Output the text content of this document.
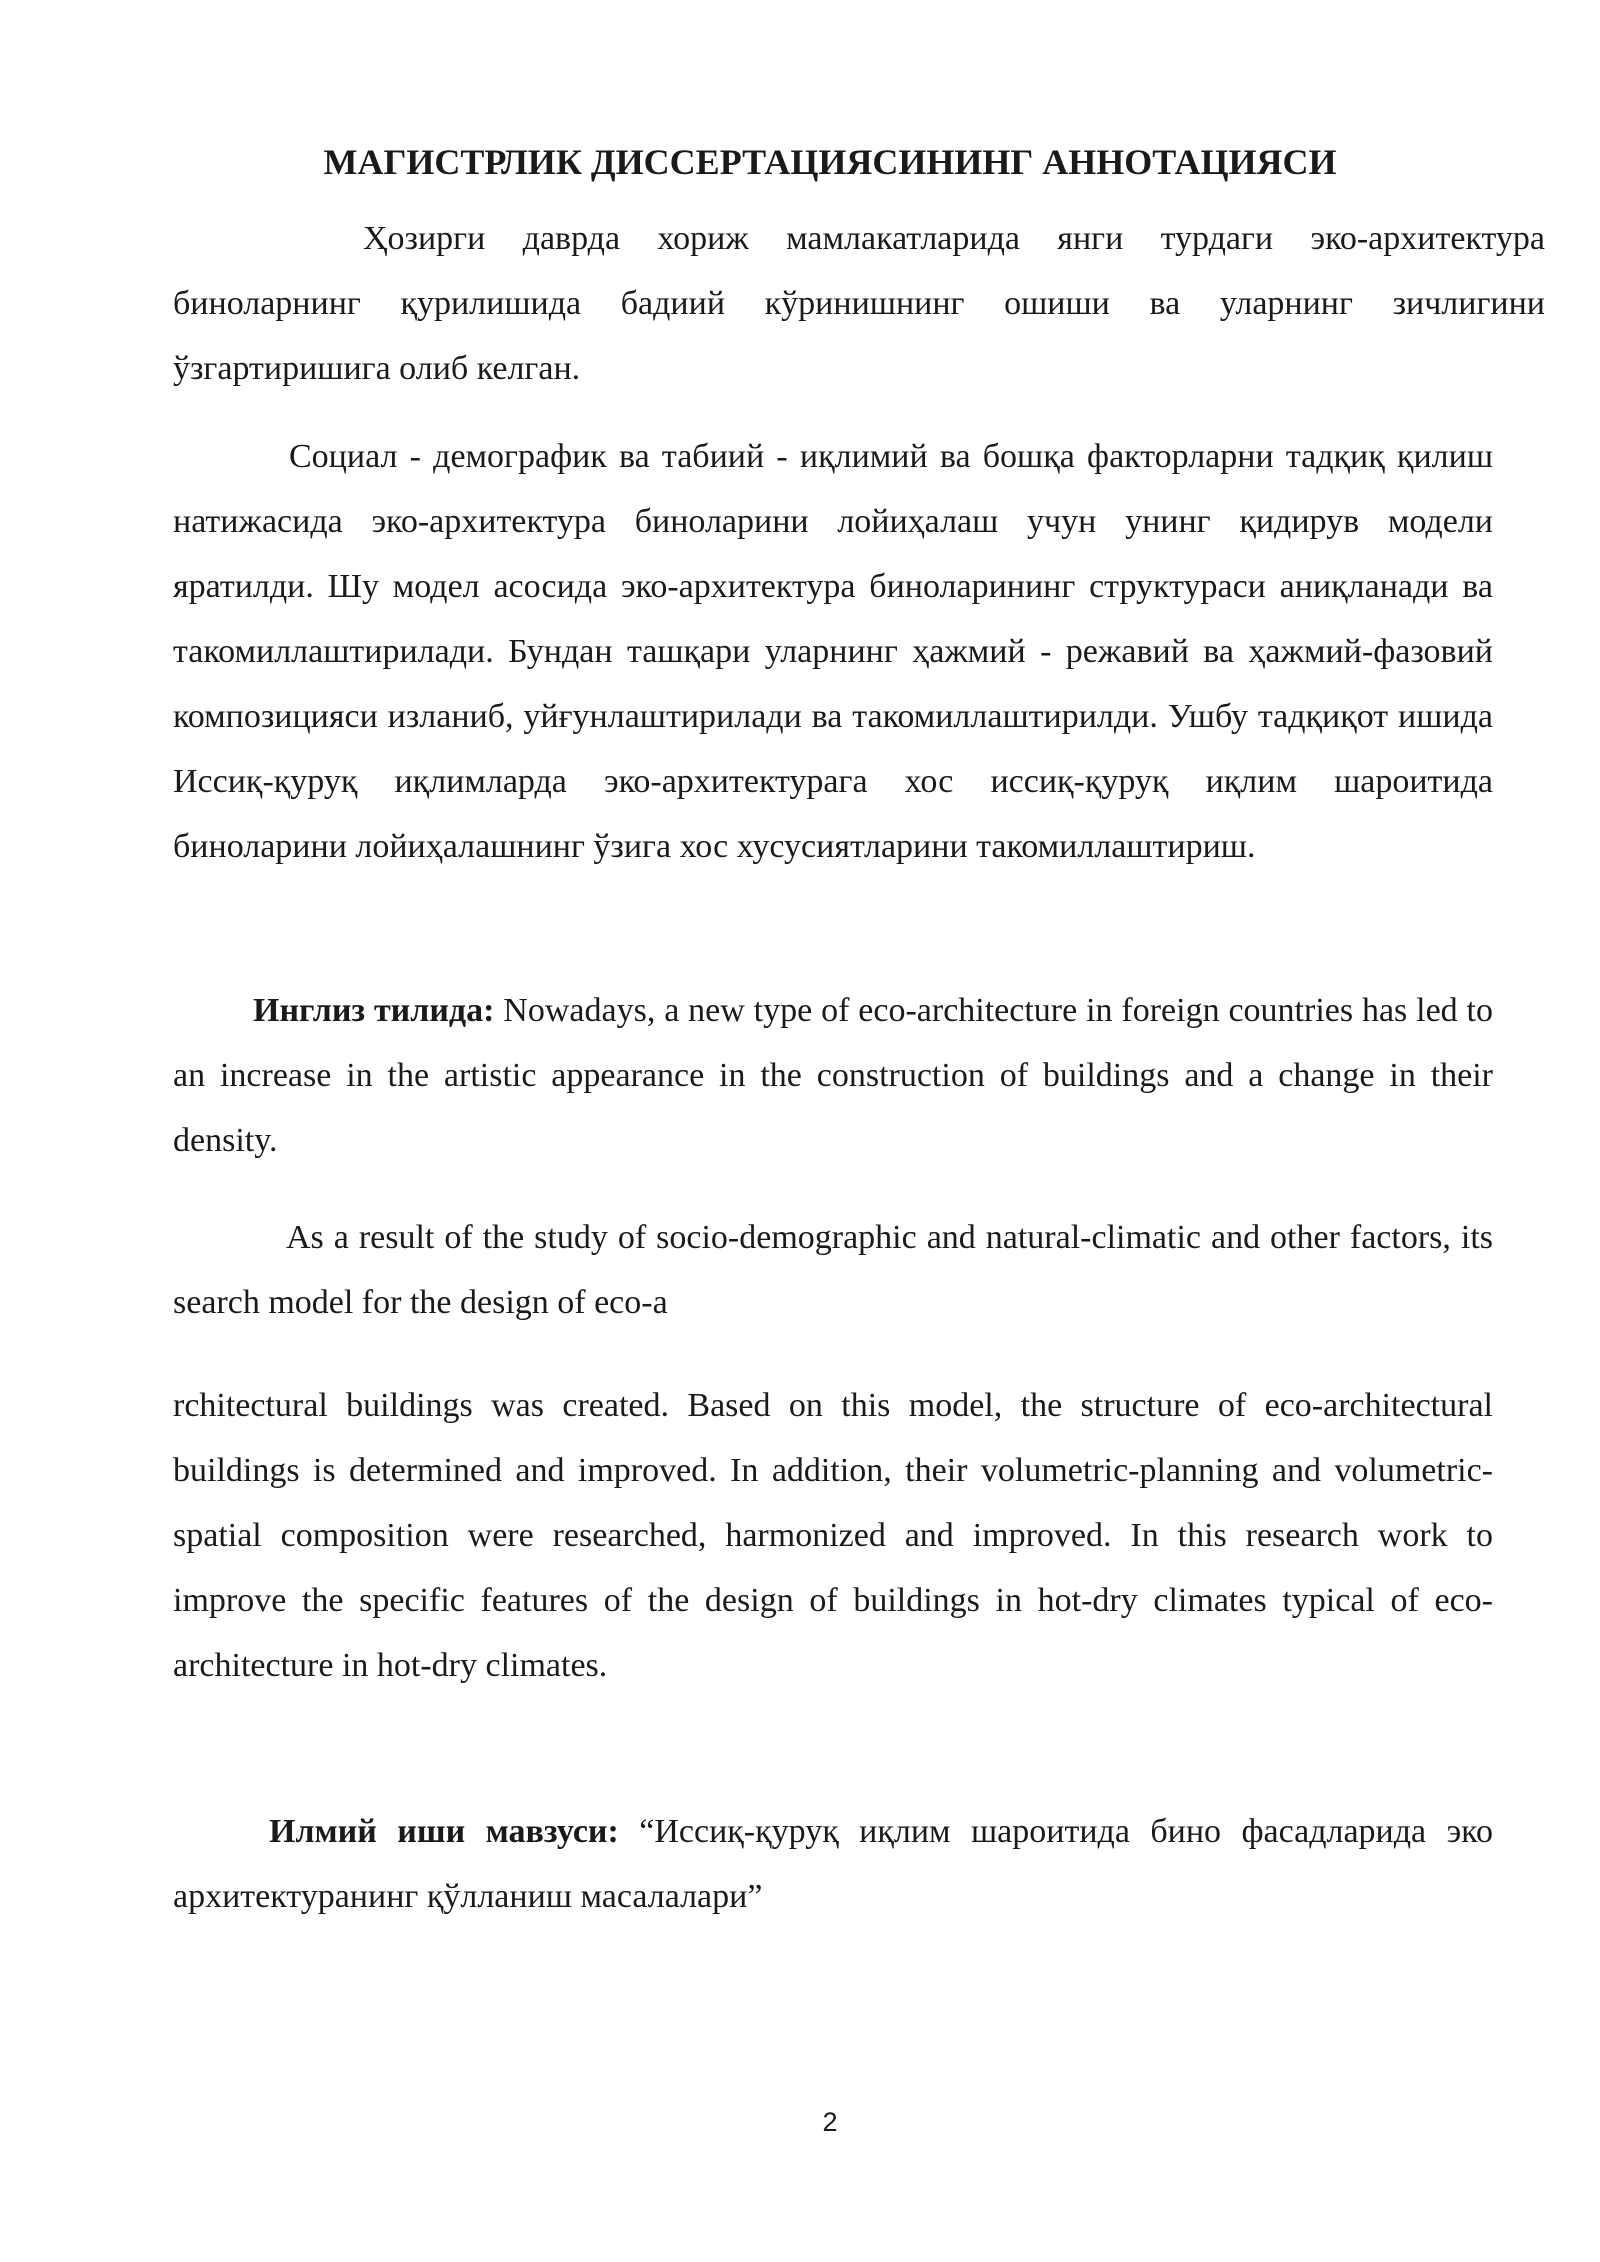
МАГИСТРЛИК ДИССЕРТАЦИЯСИНИНГ АННОТАЦИЯСИ

Ҳозирги даврда хориж мамлакатларида янги турдаги эко-архитектура биноларнинг қурилишида бадиий кўринишнинг ошиши ва уларнинг зичлигини ўзгартиришига олиб келган.

Социал - демографик ва табиий - иқлимий ва бошқа факторларни тадқиқ қилиш натижасида эко-архитектура биноларини лойиҳалаш учун унинг қидирув модели яратилди. Шу модел асосида эко-архитектура биноларининг структураси аниқланади ва такомиллаштирилади. Бундан ташқари уларнинг ҳажмий - режавий ва ҳажмий-фазовий композицияси изланиб, уйғунлаштирилади ва такомиллаштирилди. Ушбу тадқиқот ишида Иссиқ-қуруқ иқлимларда эко-архитектурага хос иссиқ-қуруқ иқлим шароитида биноларини лойиҳалашнинг ўзига хос хусусиятларини такомиллаштириш.

Инглиз тилида: Nowadays, a new type of eco-architecture in foreign countries has led to an increase in the artistic appearance in the construction of buildings and a change in their density.

As a result of the study of socio-demographic and natural-climatic and other factors, its search model for the design of eco-a

rchitectural buildings was created. Based on this model, the structure of eco-architectural buildings is determined and improved. In addition, their volumetric-planning and volumetric-spatial composition were researched, harmonized and improved. In this research work to improve the specific features of the design of buildings in hot-dry climates typical of eco-architecture in hot-dry climates.

Илмий иши мавзуси: “Иссиқ-қуруқ иқлим шароитида бино фасадларида эко архитектуранинг қўлланиш масалалари”

2
